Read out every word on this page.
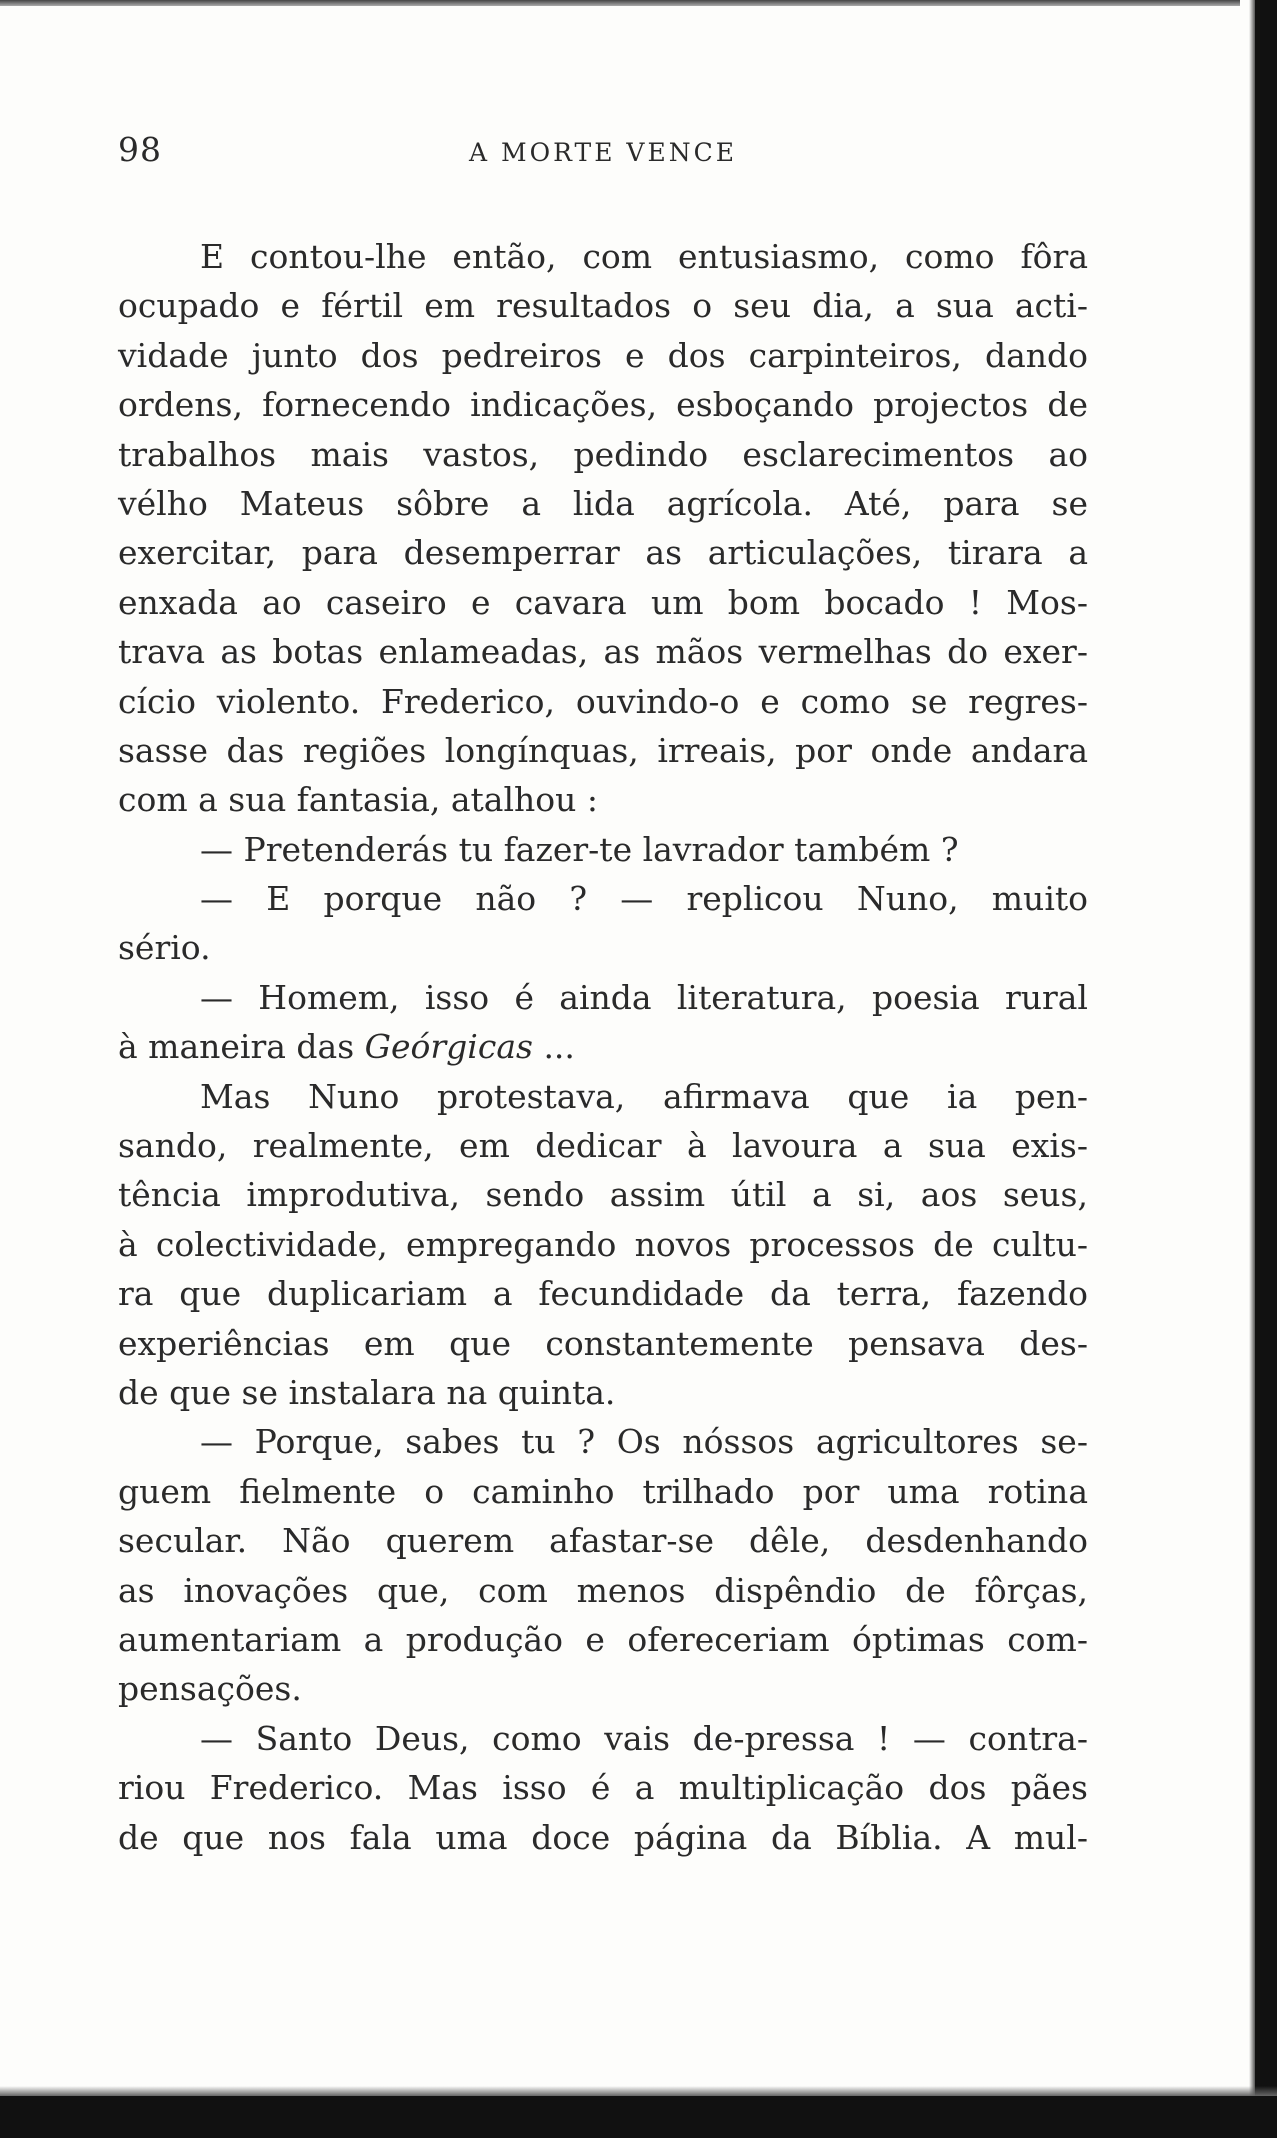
98	A MORTE VENCE
E contou-lhe então, com entusiasmo, como fôra
ocupado e fértil em resultados o seu dia, a sua acti-
vidade junto dos pedreiros e dos carpinteiros, dando
ordens, fornecendo indicações, esboçando projectos de
trabalhos mais vastos, pedindo esclarecimentos ao
vélho Mateus sôbre a lida agrícola. Até, para se
exercitar, para desemperrar as articulações, tirara a
enxada ao caseiro e cavara um bom bocado ! Mos-
trava as botas enlameadas, as mãos vermelhas do exer-
cício violento. Frederico, ouvindo-o e como se regres-
sasse das regiões longínquas, irreais, por onde andara
com a sua fantasia, atalhou :
— Pretenderás tu fazer-te lavrador também ?
— E porque não ? — replicou Nuno, muito
sério.
— Homem, isso é ainda literatura, poesia rural
à maneira das Geórgicas ...
Mas Nuno protestava, afirmava que ia pen-
sando, realmente, em dedicar à lavoura a sua exis-
tência improdutiva, sendo assim útil a si, aos seus,
à colectividade, empregando novos processos de cultu-
ra que duplicariam a fecundidade da terra, fazendo
experiências em que constantemente pensava des-
de que se instalara na quinta.
— Porque, sabes tu ? Os nóssos agricultores se-
guem fielmente o caminho trilhado por uma rotina
secular. Não querem afastar-se dêle, desdenhando
as inovações que, com menos dispêndio de fôrças,
aumentariam a produção e ofereceriam óptimas com-
pensações.
— Santo Deus, como vais de-pressa ! — contra-
riou Frederico. Mas isso é a multiplicação dos pães
de que nos fala uma doce página da Bíblia. A mul-
